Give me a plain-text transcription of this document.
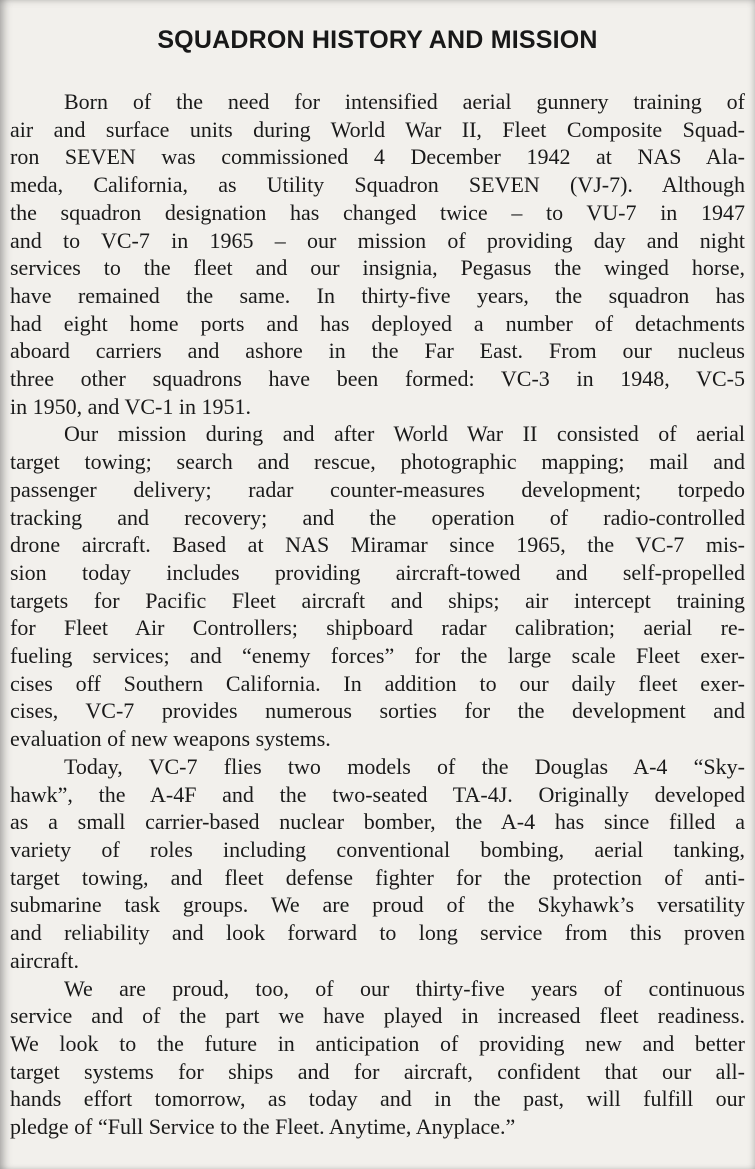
SQUADRON HISTORY AND MISSION
Born of the need for intensified aerial gunnery training of
air and surface units during World War II, Fleet Composite Squad-
ron SEVEN was commissioned 4 December 1942 at NAS Ala-
meda, California, as Utility Squadron SEVEN (VJ-7). Although
the squadron designation has changed twice – to VU-7 in 1947
and to VC-7 in 1965 – our mission of providing day and night
services to the fleet and our insignia, Pegasus the winged horse,
have remained the same. In thirty-five years, the squadron has
had eight home ports and has deployed a number of detachments
aboard carriers and ashore in the Far East. From our nucleus
three other squadrons have been formed: VC-3 in 1948, VC-5
in 1950, and VC-1 in 1951.
Our mission during and after World War II consisted of aerial
target towing; search and rescue, photographic mapping; mail and
passenger delivery; radar counter-measures development; torpedo
tracking and recovery; and the operation of radio-controlled
drone aircraft. Based at NAS Miramar since 1965, the VC-7 mis-
sion today includes providing aircraft-towed and self-propelled
targets for Pacific Fleet aircraft and ships; air intercept training
for Fleet Air Controllers; shipboard radar calibration; aerial re-
fueling services; and “enemy forces” for the large scale Fleet exer-
cises off Southern California. In addition to our daily fleet exer-
cises, VC-7 provides numerous sorties for the development and
evaluation of new weapons systems.
Today, VC-7 flies two models of the Douglas A-4 “Sky-
hawk”, the A-4F and the two-seated TA-4J. Originally developed
as a small carrier-based nuclear bomber, the A-4 has since filled a
variety of roles including conventional bombing, aerial tanking,
target towing, and fleet defense fighter for the protection of anti-
submarine task groups. We are proud of the Skyhawk’s versatility
and reliability and look forward to long service from this proven
aircraft.
We are proud, too, of our thirty-five years of continuous
service and of the part we have played in increased fleet readiness.
We look to the future in anticipation of providing new and better
target systems for ships and for aircraft, confident that our all-
hands effort tomorrow, as today and in the past, will fulfill our
pledge of “Full Service to the Fleet. Anytime, Anyplace.”
